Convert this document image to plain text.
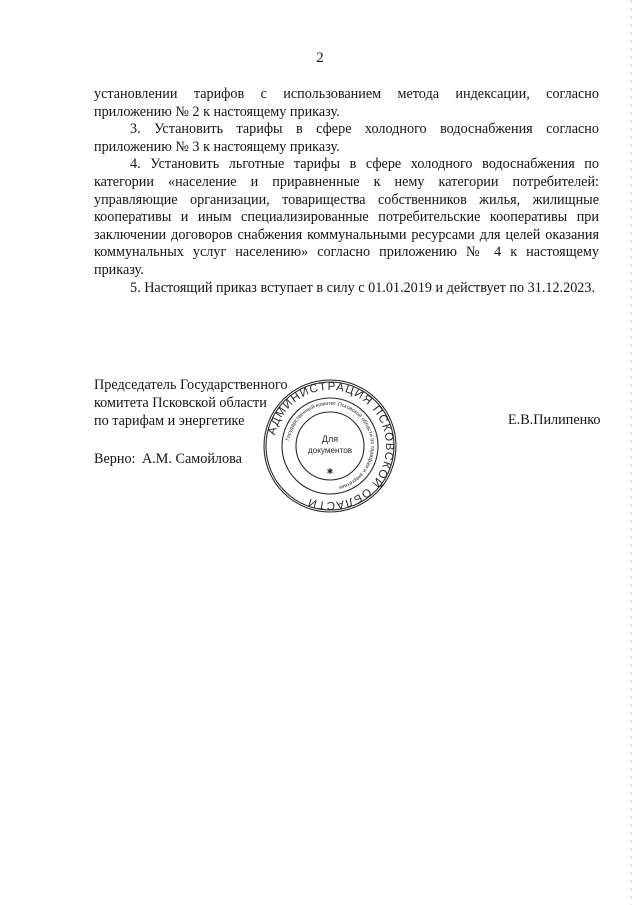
2

установлении тарифов с использованием метода индексации, согласно приложению № 2 к настоящему приказу.

3. Установить тарифы в сфере холодного водоснабжения согласно приложению № 3 к настоящему приказу.

4. Установить льготные тарифы в сфере холодного водоснабжения по категории «население и приравненные к нему категории потребителей: управляющие организации, товарищества собственников жилья, жилищные кооперативы и иным специализированные потребительские кооперативы при заключении договоров снабжения коммунальными ресурсами для целей оказания коммунальных услуг населению» согласно приложению № 4 к настоящему приказу.

5. Настоящий приказ вступает в силу с 01.01.2019 и действует по 31.12.2023.

Председатель Государственного
комитета Псковской области
по тарифам и энергетике	Е.В.Пилипенко
Верно: А.М. Самойлова
АДМИНИСТРАЦИЯ ПСКОВСКОЙ ОБЛАСТИ
Государственный комитет Псковской области по тарифам и энергетике
Для
документов
✱
